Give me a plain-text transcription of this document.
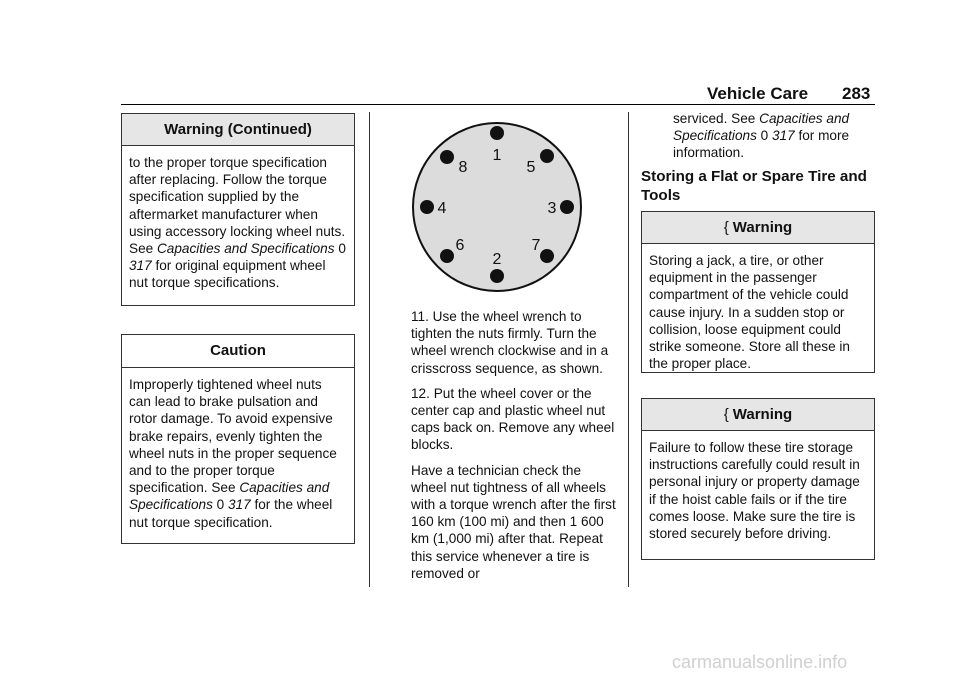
Vehicle Care 283
Warning (Continued)
to the proper torque specification after replacing. Follow the torque specification supplied by the aftermarket manufacturer when using accessory locking wheel nuts. See Capacities and Specifications 0 317 for original equipment wheel nut torque specifications.
Caution
Improperly tightened wheel nuts can lead to brake pulsation and rotor damage. To avoid expensive brake repairs, evenly tighten the wheel nuts in the proper sequence and to the proper torque specification. See Capacities and Specifications 0 317 for the wheel nut torque specification.
1
5
3
7
2
6
4
8
11. Use the wheel wrench to tighten the nuts firmly. Turn the wheel wrench clockwise and in a crisscross sequence, as shown.
12. Put the wheel cover or the center cap and plastic wheel nut caps back on. Remove any wheel blocks.
Have a technician check the wheel nut tightness of all wheels with a torque wrench after the first 160 km (100 mi) and then 1 600 km (1,000 mi) after that. Repeat this service whenever a tire is removed or
serviced. See Capacities and Specifications 0 317 for more information.
Storing a Flat or Spare Tire and Tools
{ Warning
Storing a jack, a tire, or other equipment in the passenger compartment of the vehicle could cause injury. In a sudden stop or collision, loose equipment could strike someone. Store all these in the proper place.
{ Warning
Failure to follow these tire storage instructions carefully could result in personal injury or property damage if the hoist cable fails or if the tire comes loose. Make sure the tire is stored securely before driving.
carmanualsonline.info
